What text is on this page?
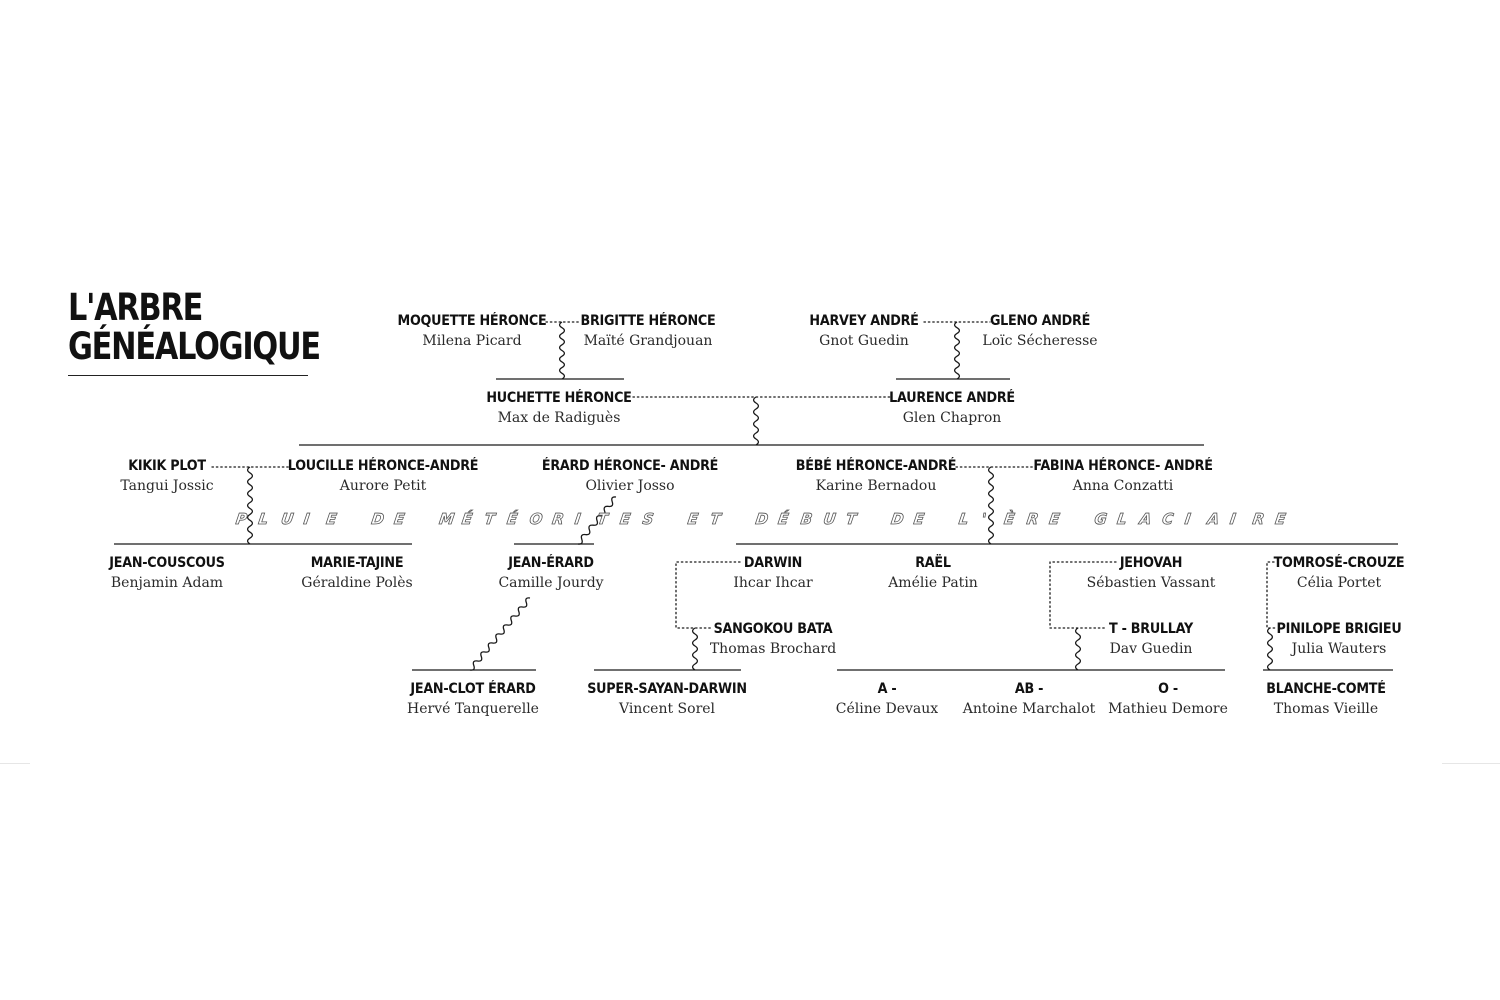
L'ARBRE
GÉNÉALOGIQUE
P L U I E D E M É T É O R I T E S E T D É B U T D E L ' È R E G L A C I A I R E
MOQUETTE HÉRONCE
Milena Picard
BRIGITTE HÉRONCE
Maïté Grandjouan
HARVEY ANDRÉ
Gnot Guedin
GLENO ANDRÉ
Loïc Sécheresse
HUCHETTE HÉRONCE
Max de Radiguès
LAURENCE ANDRÉ
Glen Chapron
KIKIK PLOT
Tangui Jossic
LOUCILLE HÉRONCE-ANDRÉ
Aurore Petit
ÉRARD HÉRONCE- ANDRÉ
Olivier Josso
BÉBÉ HÉRONCE-ANDRÉ
Karine Bernadou
FABINA HÉRONCE- ANDRÉ
Anna Conzatti
JEAN-COUSCOUS
Benjamin Adam
MARIE-TAJINE
Géraldine Polès
JEAN-ÉRARD
Camille Jourdy
DARWIN
Ihcar Ihcar
RAËL
Amélie Patin
JEHOVAH
Sébastien Vassant
TOMROSÉ-CROUZE
Célia Portet
SANGOKOU BATA
Thomas Brochard
T - BRULLAY
Dav Guedin
PINILOPE BRIGIEU
Julia Wauters
JEAN-CLOT ÉRARD
Hervé Tanquerelle
SUPER-SAYAN-DARWIN
Vincent Sorel
A -
Céline Devaux
AB -
Antoine Marchalot
O -
Mathieu Demore
BLANCHE-COMTÉ
Thomas Vieille
